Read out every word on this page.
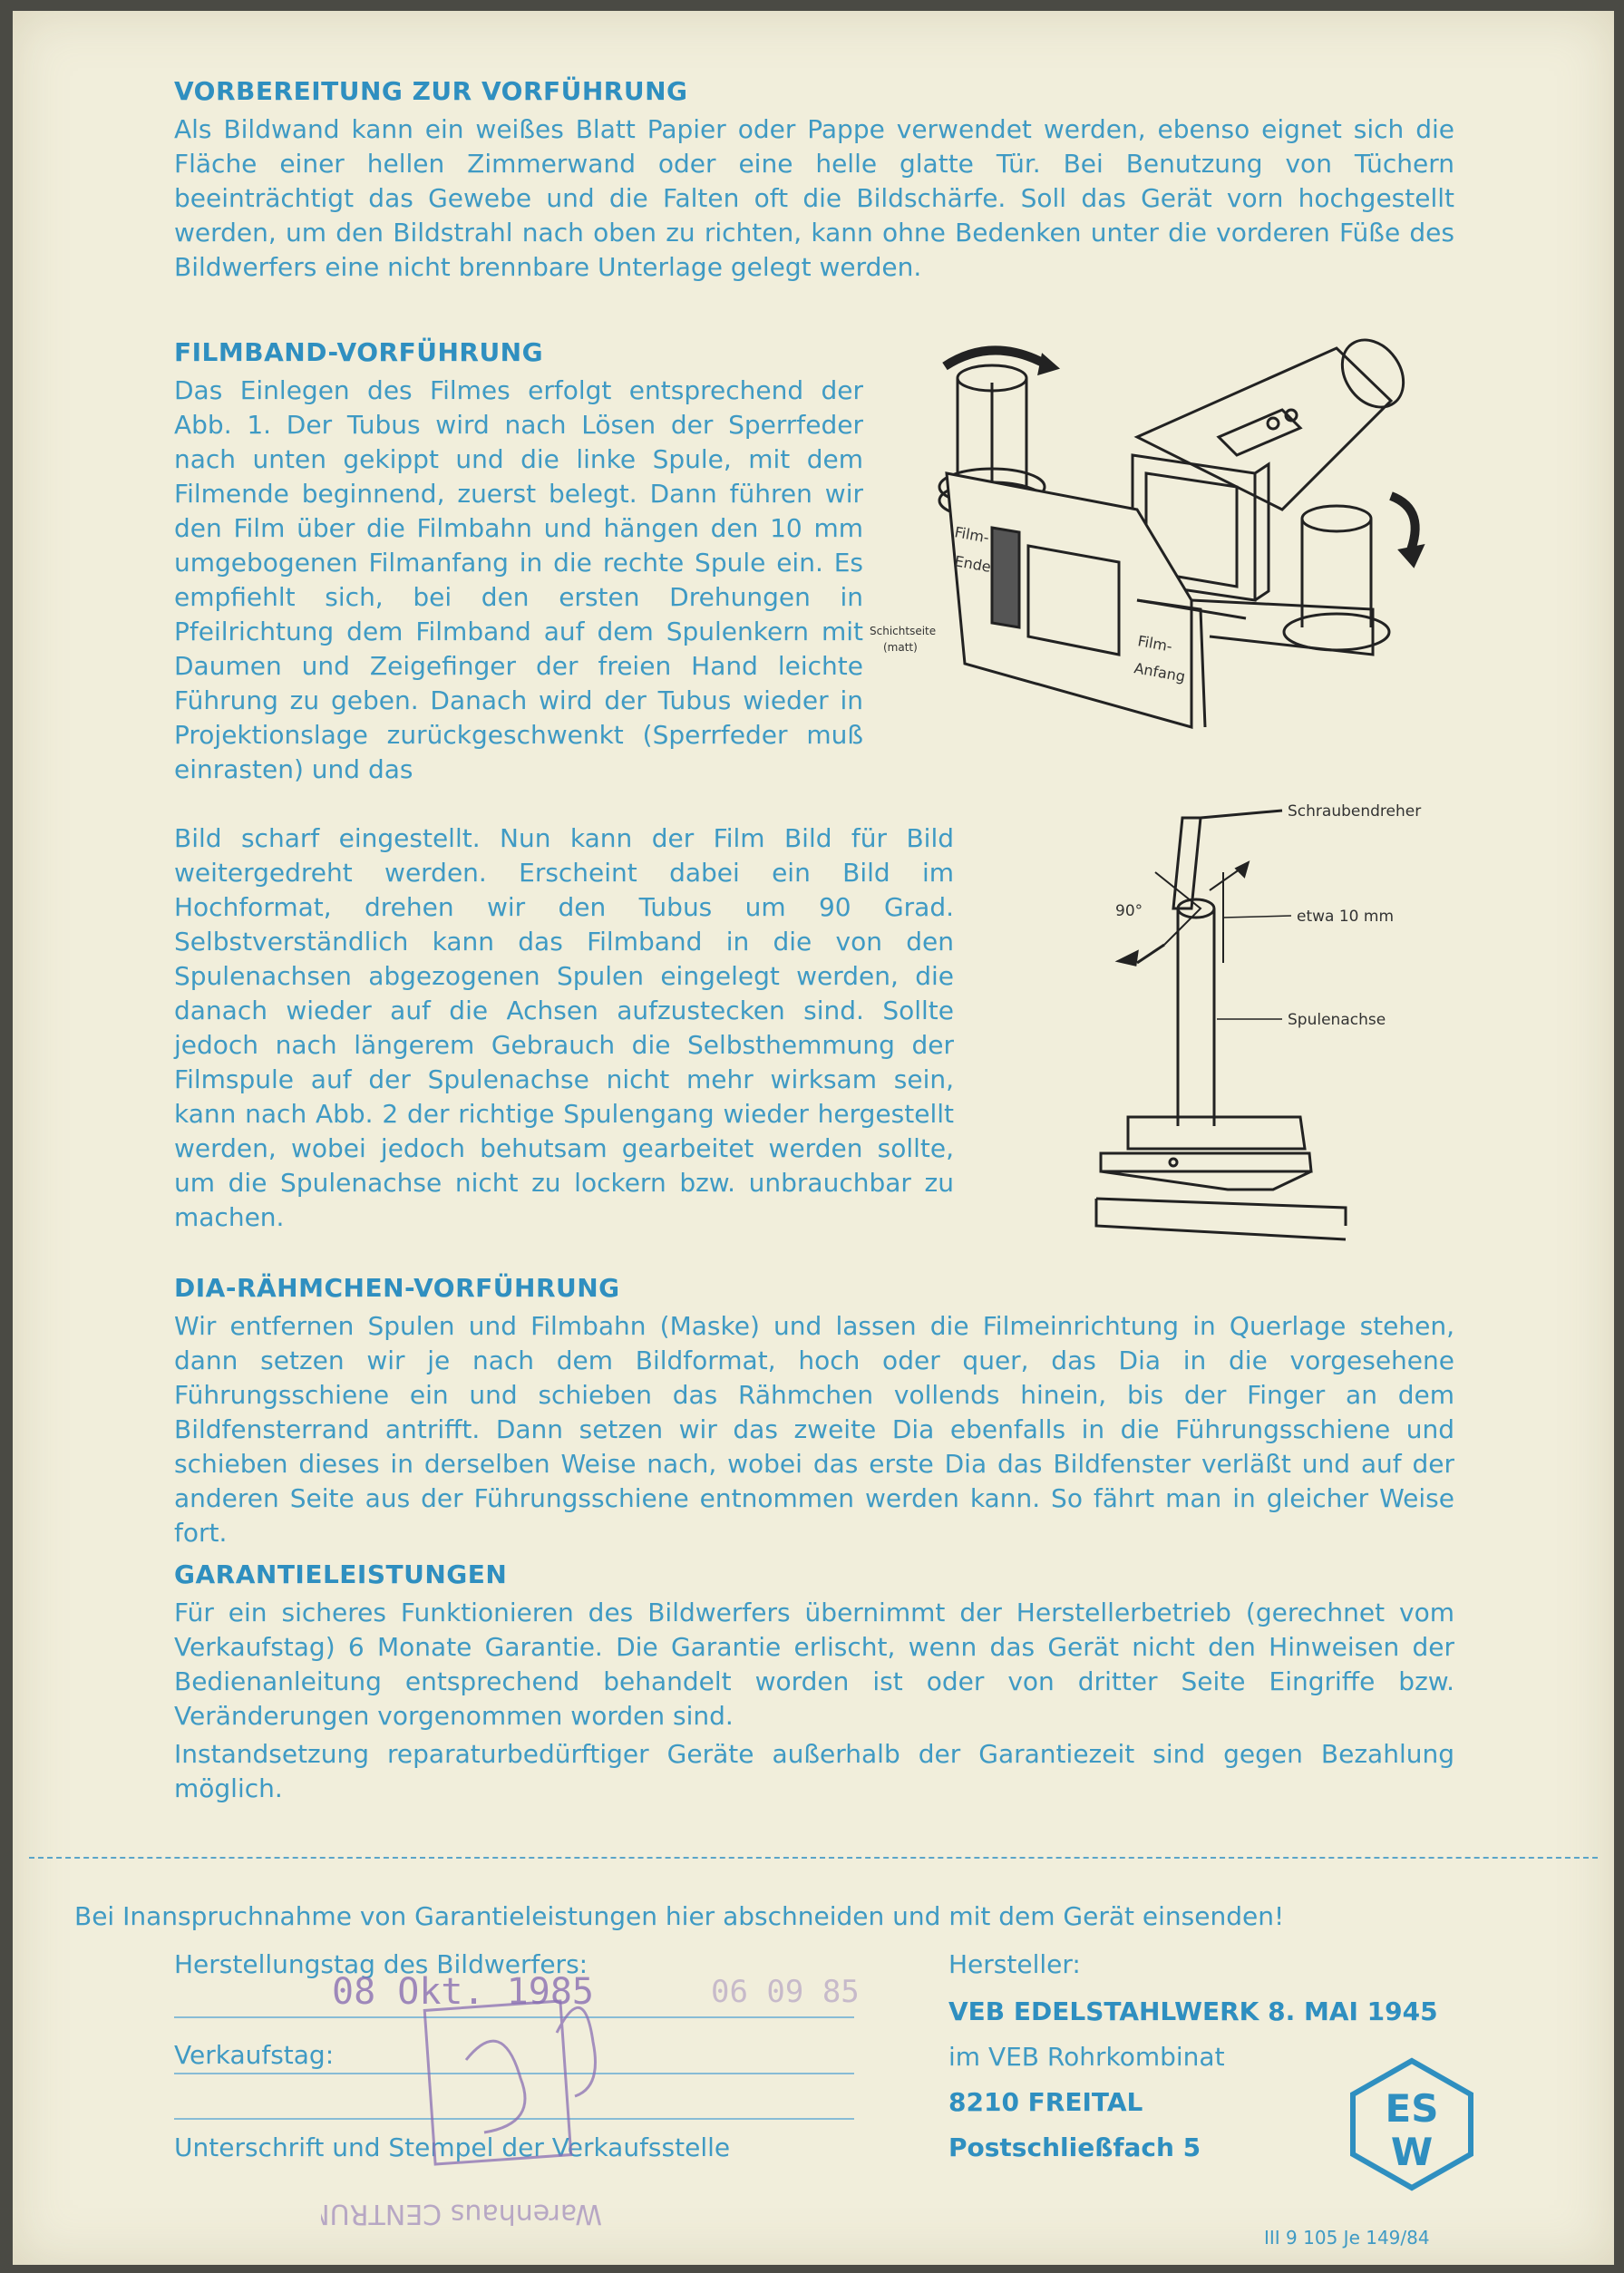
VORBEREITUNG ZUR VORFÜHRUNG

Als Bildwand kann ein weißes Blatt Papier oder Pappe verwendet werden, ebenso eignet sich die Fläche einer hellen Zimmerwand oder eine helle glatte Tür. Bei Benutzung von Tüchern beeinträchtigt das Gewebe und die Falten oft die Bildschärfe. Soll das Gerät vorn hochgestellt werden, um den Bildstrahl nach oben zu richten, kann ohne Bedenken unter die vorderen Füße des Bildwerfers eine nicht brennbare Unterlage gelegt werden.

FILMBAND-VORFÜHRUNG

Das Einlegen des Filmes erfolgt entsprechend der Abb. 1. Der Tubus wird nach Lösen der Sperrfeder nach unten gekippt und die linke Spule, mit dem Filmende beginnend, zuerst belegt. Dann führen wir den Film über die Filmbahn und hängen den 10 mm umgebogenen Filmanfang in die rechte Spule ein. Es empfiehlt sich, bei den ersten Drehungen in Pfeilrichtung dem Filmband auf dem Spulenkern mit Daumen und Zeigefinger der freien Hand leichte Führung zu geben. Danach wird der Tubus wieder in Projektionslage zurückgeschwenkt (Sperrfeder muß einrasten) und das

Bild scharf eingestellt. Nun kann der Film Bild für Bild weitergedreht werden. Erscheint dabei ein Bild im Hochformat, drehen wir den Tubus um 90 Grad. Selbstverständlich kann das Filmband in die von den Spulenachsen abgezogenen Spulen eingelegt werden, die danach wieder auf die Achsen aufzustecken sind. Sollte jedoch nach längerem Gebrauch die Selbsthemmung der Filmspule auf der Spulenachse nicht mehr wirksam sein, kann nach Abb. 2 der richtige Spulengang wieder hergestellt werden, wobei jedoch behutsam gearbeitet werden sollte, um die Spulenachse nicht zu lockern bzw. unbrauchbar zu machen.

Film-
Ende
Schichtseite
(matt)	Film-
Anfang
Schraubendreher
90°	etwa 10 mm
Spulenachse
DIA-RÄHMCHEN-VORFÜHRUNG

Wir entfernen Spulen und Filmbahn (Maske) und lassen die Filmeinrichtung in Querlage stehen, dann setzen wir je nach dem Bildformat, hoch oder quer, das Dia in die vorgesehene Führungsschiene ein und schieben das Rähmchen vollends hinein, bis der Finger an dem Bildfensterrand antrifft. Dann setzen wir das zweite Dia ebenfalls in die Führungsschiene und schieben dieses in derselben Weise nach, wobei das erste Dia das Bildfenster verläßt und auf der anderen Seite aus der Führungsschiene entnommen werden kann. So fährt man in gleicher Weise fort.

GARANTIELEISTUNGEN

Für ein sicheres Funktionieren des Bildwerfers übernimmt der Herstellerbetrieb (gerechnet vom Verkaufstag) 6 Monate Garantie. Die Garantie erlischt, wenn das Gerät nicht den Hinweisen der Bedienanleitung entsprechend behandelt worden ist oder von dritter Seite Eingriffe bzw. Veränderungen vorgenommen worden sind.

Instandsetzung reparaturbedürftiger Geräte außerhalb der Garantiezeit sind gegen Bezahlung möglich.

Bei Inanspruchnahme von Garantieleistungen hier abschneiden und mit dem Gerät einsenden!

Herstellungstag des Bildwerfers:

Verkaufstag:

Unterschrift und Stempel der Verkaufsstelle

08 Okt. 1985	06 09 85
Warenhaus CENTRUM

Hersteller:

VEB EDELSTAHLWERK 8. MAI 1945

im VEB Rohrkombinat

8210 FREITAL

Postschließfach 5

ES
W

III 9 105 Je 149/84
